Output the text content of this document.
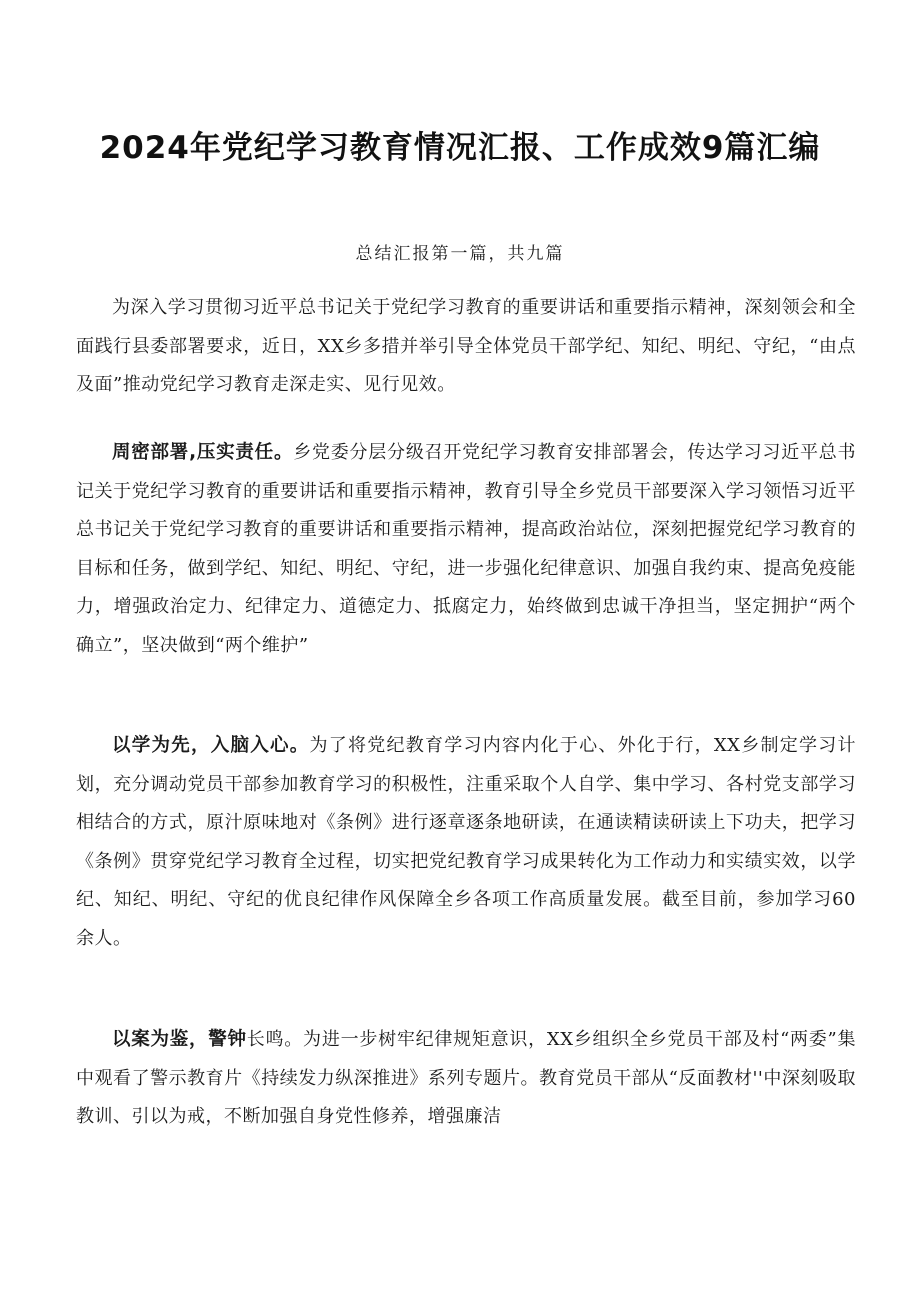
2024年党纪学习教育情况汇报、工作成效9篇汇编

总结汇报第一篇，共九篇

为深入学习贯彻习近平总书记关于党纪学习教育的重要讲话和重要指示精神，深刻领会和全面践行县委部署要求，近日，XX乡多措并举引导全体党员干部学纪、知纪、明纪、守纪，“由点及面”推动党纪学习教育走深走实、见行见效。

周密部署,压实责任。乡党委分层分级召开党纪学习教育安排部署会，传达学习习近平总书记关于党纪学习教育的重要讲话和重要指示精神，教育引导全乡党员干部要深入学习领悟习近平总书记关于党纪学习教育的重要讲话和重要指示精神，提高政治站位，深刻把握党纪学习教育的目标和任务，做到学纪、知纪、明纪、守纪，进一步强化纪律意识、加强自我约束、提高免疫能力，增强政治定力、纪律定力、道德定力、抵腐定力，始终做到忠诚干净担当，坚定拥护“两个确立”，坚决做到“两个维护”

以学为先，入脑入心。为了将党纪教育学习内容内化于心、外化于行，XX乡制定学习计划，充分调动党员干部参加教育学习的积极性，注重采取个人自学、集中学习、各村党支部学习相结合的方式，原汁原味地对《条例》进行逐章逐条地研读，在通读精读研读上下功夫，把学习《条例》贯穿党纪学习教育全过程，切实把党纪教育学习成果转化为工作动力和实绩实效，以学纪、知纪、明纪、守纪的优良纪律作风保障全乡各项工作高质量发展。截至目前，参加学习60余人。

以案为鉴，警钟长鸣。为进一步树牢纪律规矩意识，XX乡组织全乡党员干部及村“两委”集中观看了警示教育片《持续发力纵深推进》系列专题片。教育党员干部从“反面教材''中深刻吸取教训、引以为戒，不断加强自身党性修养，增强廉洁
